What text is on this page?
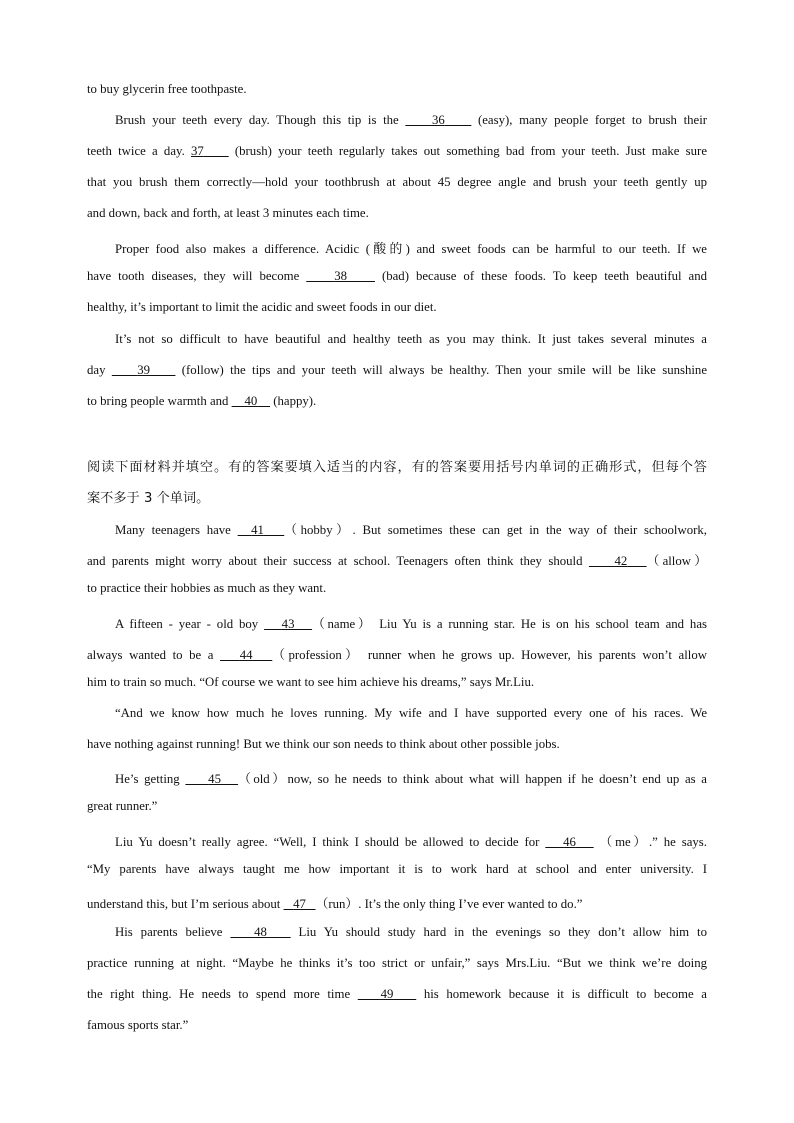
to buy glycerin free toothpaste.
Brush your teeth every day. Though this tip is the     36     (easy), many people forget to brush their
teeth twice a day. 37     (brush) your teeth regularly takes out something bad from your teeth. Just make sure
that you brush them correctly—hold your toothbrush at about 45 degree angle and brush your teeth gently up
and down, back and forth, at least 3 minutes each time.
Proper food also makes a difference. Acidic (酸的) and sweet foods can be harmful to our teeth. If we
have tooth diseases, they will become     38     (bad) because of these foods. To keep teeth beautiful and
healthy, it’s important to limit the acidic and sweet foods in our diet.
It’s not so difficult to have beautiful and healthy teeth as you may think. It just takes several minutes a
day     39     (follow) the tips and your teeth will always be healthy. Then your smile will be like sunshine
to bring people warmth and     40     (happy).
阅读下面材料并填空。有的答案要填入适当的内容，有的答案要用括号内单词的正确形式，但每个答
案不多于 3 个单词。
Many teenagers have   41 （hobby）. But sometimes these can get in the way of their schoolwork,
and parents might worry about their success at school. Teenagers often think they should     42 （allow）
to practice their hobbies as much as they want.
A fifteen - year - old boy    43 （name） Liu Yu is a running star. He is on his school team and has
always wanted to be a    44 （profession） runner when he grows up. However, his parents won’t allow
him to train so much. “Of course we want to see him achieve his dreams,” says Mr.Liu.
“And we know how much he loves running. My wife and I have supported every one of his races. We
have nothing against running! But we think our son needs to think about other possible jobs.
He’s getting     45 （old）now, so he needs to think about what will happen if he doesn’t end up as a
great runner.”
Liu Yu doesn’t really agree. “Well, I think I should be allowed to decide for    46    （me）.” he says.
“My parents have always taught me how important it is to work hard at school and enter university. I
understand this, but I’m serious about    47 （run）. It’s the only thing I’ve ever wanted to do.”
His parents believe    48    Liu Yu should study hard in the evenings so they don’t allow him to
practice running at night. “Maybe he thinks it’s too strict or unfair,” says Mrs.Liu. “But we think we’re doing
the right thing. He needs to spend more time    49    his homework because it is difficult to become a
famous sports star.”
